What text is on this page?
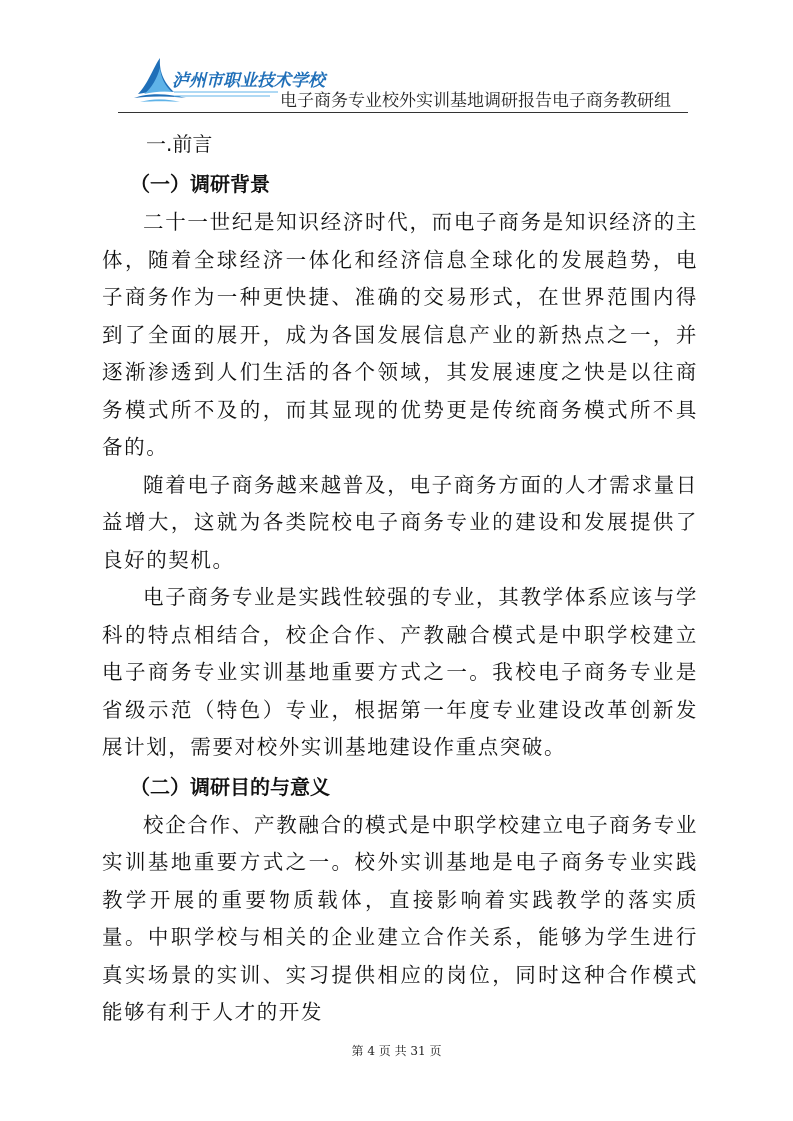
泸州市职业技术学校
电子商务专业校外实训基地调研报告 电子商务教研组
一.前言
（一）调研背景

二十一世纪是知识经济时代，而电子商务是知识经济的主体，随着全球经济一体化和经济信息全球化的发展趋势，电子商务作为一种更快捷、准确的交易形式，在世界范围内得到了全面的展开，成为各国发展信息产业的新热点之一，并逐渐渗透到人们生活的各个领域，其发展速度之快是以往商务模式所不及的，而其显现的优势更是传统商务模式所不具备的。

随着电子商务越来越普及，电子商务方面的人才需求量日益增大，这就为各类院校电子商务专业的建设和发展提供了良好的契机。

电子商务专业是实践性较强的专业，其教学体系应该与学科的特点相结合，校企合作、产教融合模式是中职学校建立电子商务专业实训基地重要方式之一。我校电子商务专业是省级示范（特色）专业，根据第一年度专业建设改革创新发展计划，需要对校外实训基地建设作重点突破。

（二）调研目的与意义

校企合作、产教融合的模式是中职学校建立电子商务专业实训基地重要方式之一。校外实训基地是电子商务专业实践教学开展的重要物质载体，直接影响着实践教学的落实质量。中职学校与相关的企业建立合作关系，能够为学生进行真实场景的实训、实习提供相应的岗位，同时这种合作模式能够有利于人才的开发

第 4 页 共 31 页
